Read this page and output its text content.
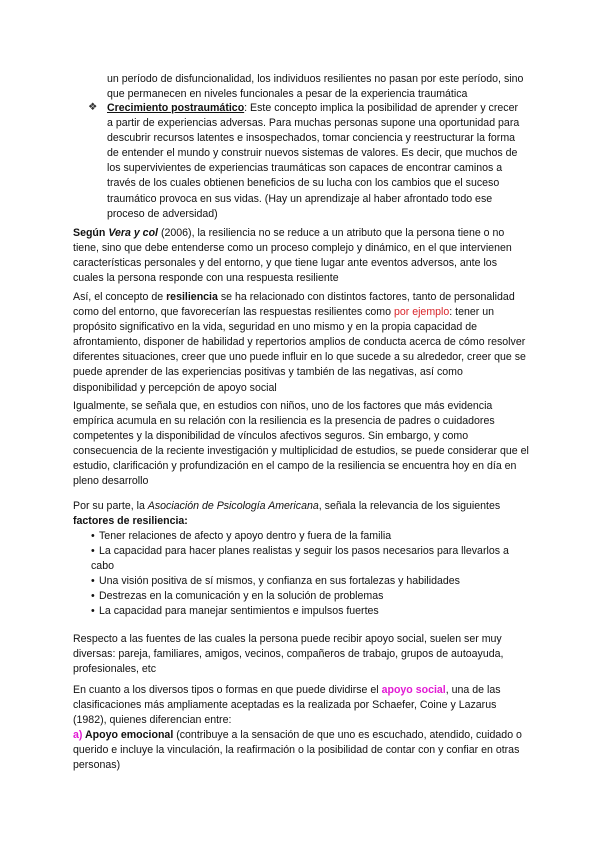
un período de disfuncionalidad, los individuos resilientes no pasan por este período, sino que permanecen en niveles funcionales a pesar de la experiencia traumática

❖ Crecimiento postraumático: Este concepto implica la posibilidad de aprender y crecer a partir de experiencias adversas. Para muchas personas supone una oportunidad para descubrir recursos latentes e insospechados, tomar conciencia y reestructurar la forma de entender el mundo y construir nuevos sistemas de valores. Es decir, que muchos de los supervivientes de experiencias traumáticas son capaces de encontrar caminos a través de los cuales obtienen beneficios de su lucha con los cambios que el suceso traumático provoca en sus vidas. (Hay un aprendizaje al haber afrontado todo ese proceso de adversidad)

Según Vera y col (2006), la resiliencia no se reduce a un atributo que la persona tiene o no tiene, sino que debe entenderse como un proceso complejo y dinámico, en el que intervienen características personales y del entorno, y que tiene lugar ante eventos adversos, ante los cuales la persona responde con una respuesta resiliente

Así, el concepto de resiliencia se ha relacionado con distintos factores, tanto de personalidad como del entorno, que favorecerían las respuestas resilientes como por ejemplo: tener un propósito significativo en la vida, seguridad en uno mismo y en la propia capacidad de afrontamiento, disponer de habilidad y repertorios amplios de conducta acerca de cómo resolver diferentes situaciones, creer que uno puede influir en lo que sucede a su alrededor, creer que se puede aprender de las experiencias positivas y también de las negativas, así como disponibilidad y percepción de apoyo social

Igualmente, se señala que, en estudios con niños, uno de los factores que más evidencia empírica acumula en su relación con la resiliencia es la presencia de padres o cuidadores competentes y la disponibilidad de vínculos afectivos seguros. Sin embargo, y como consecuencia de la reciente investigación y multiplicidad de estudios, se puede considerar que el estudio, clarificación y profundización en el campo de la resiliencia se encuentra hoy en día en pleno desarrollo

Por su parte, la Asociación de Psicología Americana, señala la relevancia de los siguientes factores de resiliencia:

• Tener relaciones de afecto y apoyo dentro y fuera de la familia
• La capacidad para hacer planes realistas y seguir los pasos necesarios para llevarlos a cabo
• Una visión positiva de sí mismos, y confianza en sus fortalezas y habilidades
• Destrezas en la comunicación y en la solución de problemas
• La capacidad para manejar sentimientos e impulsos fuertes

Respecto a las fuentes de las cuales la persona puede recibir apoyo social, suelen ser muy diversas: pareja, familiares, amigos, vecinos, compañeros de trabajo, grupos de autoayuda, profesionales, etc

En cuanto a los diversos tipos o formas en que puede dividirse el apoyo social, una de las clasificaciones más ampliamente aceptadas es la realizada por Schaefer, Coine y Lazarus (1982), quienes diferencian entre:

a) Apoyo emocional (contribuye a la sensación de que uno es escuchado, atendido, cuidado o querido e incluye la vinculación, la reafirmación o la posibilidad de contar con y confiar en otras personas)
